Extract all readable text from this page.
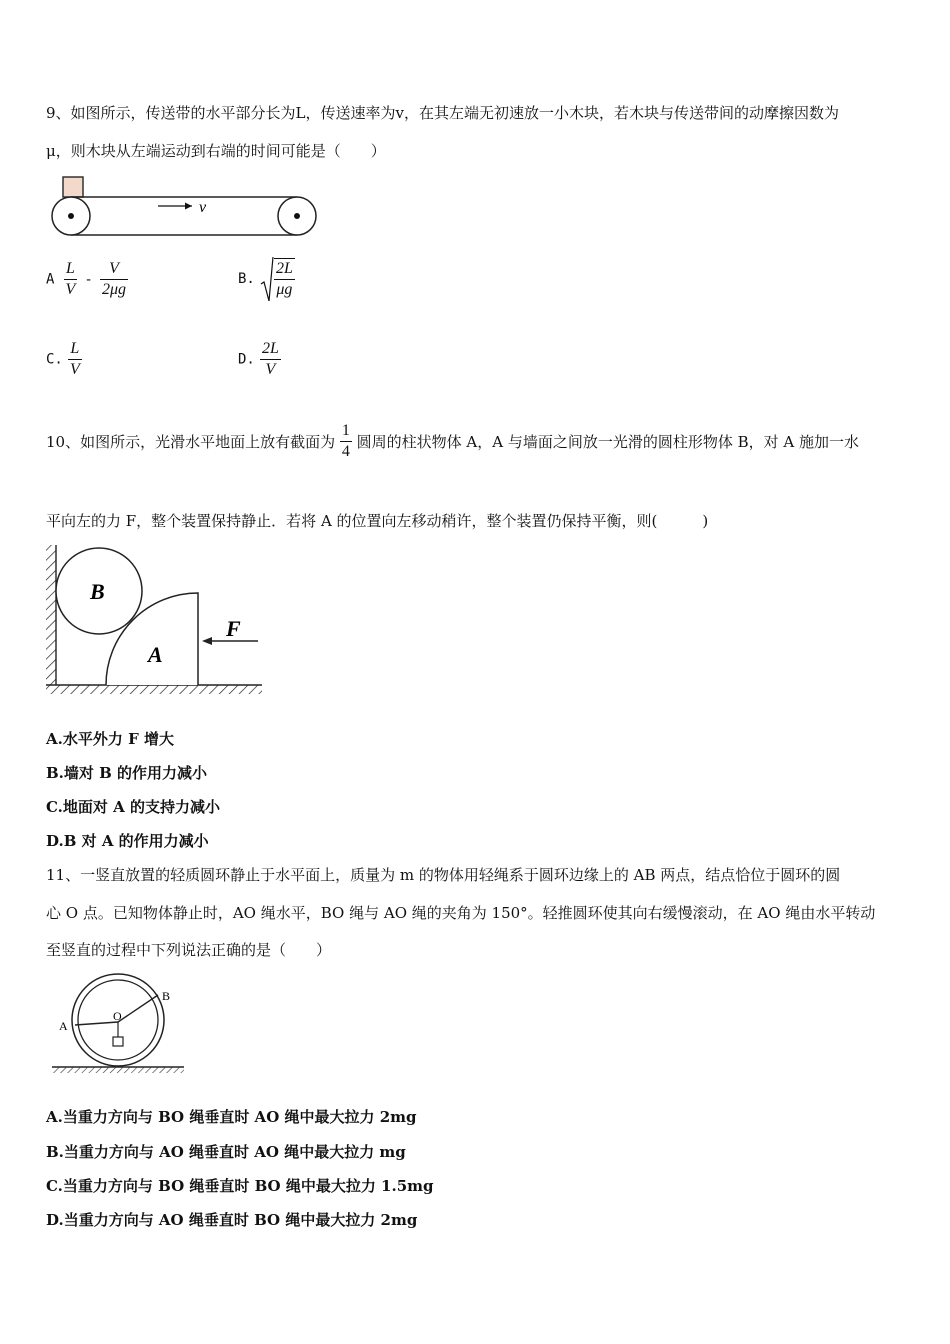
9、如图所示，传送带的水平部分长为L，传送速率为v，在其左端无初速放一小木块，若木块与传送带间的动摩擦因数为
μ，则木块从左端运动到右端的时间可能是（　　）
v
A $\frac{L}{V} - \frac{V}{2\mu g}$	B. $\frac{2L}{\mu g}$
C. $\frac{L}{V}$	D. $\frac{2L}{V}$
10、如图所示，光滑水平地面上放有截面为 $\frac{1}{4}$ 圆周的柱状物体 A，A 与墙面之间放一光滑的圆柱形物体 B，对 A 施加一水
平向左的力 F，整个装置保持静止．若将 A 的位置向左移动稍许，整个装置仍保持平衡，则(　　　)
B
A
F
A.水平外力 F 增大
B.墙对 B 的作用力减小
C.地面对 A 的支持力减小
D.B 对 A 的作用力减小
11、一竖直放置的轻质圆环静止于水平面上，质量为 m 的物体用轻绳系于圆环边缘上的 AB 两点，结点恰位于圆环的圆
心 O 点。已知物体静止时，AO 绳水平，BO 绳与 AO 绳的夹角为 150°。轻推圆环使其向右缓慢滚动，在 AO 绳由水平转动
至竖直的过程中下列说法正确的是（　　）
A
B
O
A.当重力方向与 BO 绳垂直时 AO 绳中最大拉力 2mg
B.当重力方向与 AO 绳垂直时 AO 绳中最大拉力 mg
C.当重力方向与 BO 绳垂直时 BO 绳中最大拉力 1.5mg
D.当重力方向与 AO 绳垂直时 BO 绳中最大拉力 2mg
